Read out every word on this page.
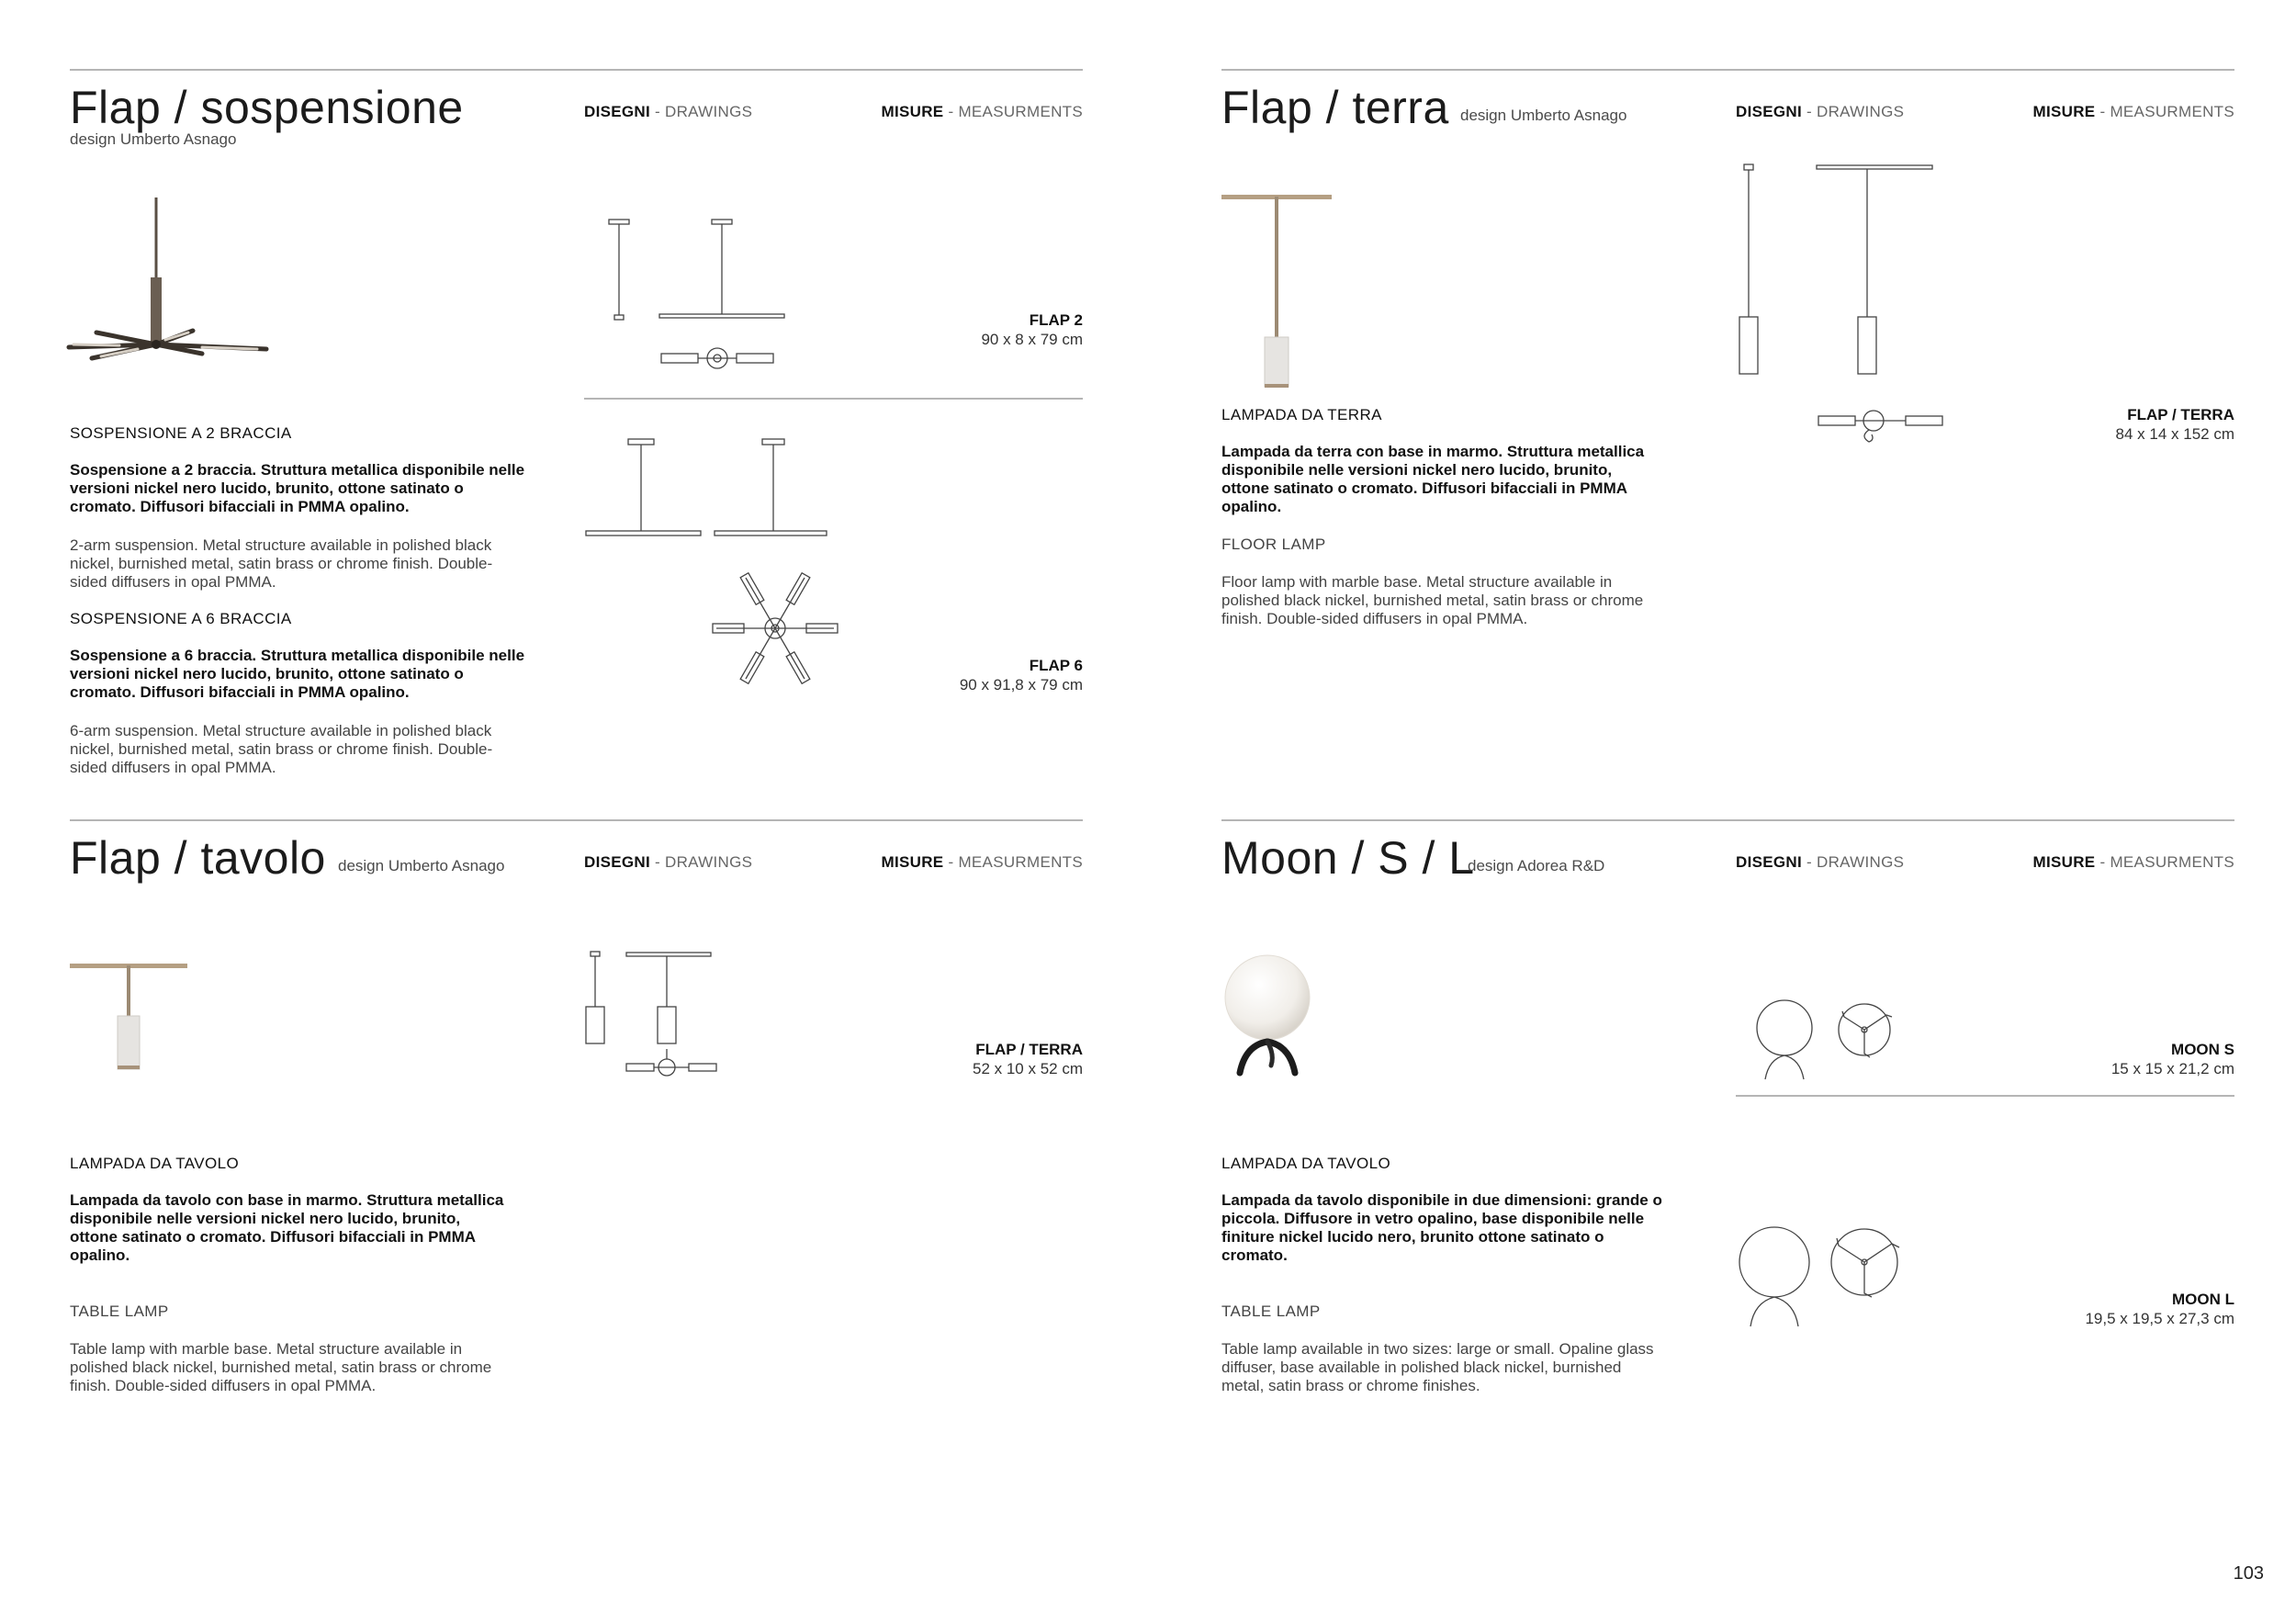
Flap / sospensione
design Umberto Asnago
DISEGNI - DRAWINGS	MISURE - MEASURMENTS
SOSPENSIONE A 2 BRACCIA
Sospensione a 2 braccia. Struttura metallica disponibile nelle versioni nickel nero lucido, brunito, ottone satinato o cromato. Diffusori bifacciali in PMMA opalino.
2-arm suspension. Metal structure available in polished black nickel, burnished metal, satin brass or chrome finish. Double-sided diffusers in opal PMMA.
SOSPENSIONE A 6 BRACCIA
Sospensione a 6 braccia. Struttura metallica disponibile nelle versioni nickel nero lucido, brunito, ottone satinato o cromato. Diffusori bifacciali in PMMA opalino.
6-arm suspension. Metal structure available in polished black nickel, burnished metal, satin brass or chrome finish. Double-sided diffusers in opal PMMA.
FLAP 2
90 x 8 x 79 cm
FLAP 6
90 x 91,8 x 79 cm
Flap / terra design Umberto Asnago	DISEGNI - DRAWINGS	MISURE - MEASURMENTS
LAMPADA DA TERRA
Lampada da terra con base in marmo. Struttura metallica disponibile nelle versioni nickel nero lucido, brunito, ottone satinato o cromato. Diffusori bifacciali in PMMA opalino.
FLOOR LAMP
Floor lamp with marble base. Metal structure available in polished black nickel, burnished metal, satin brass or chrome finish. Double-sided diffusers in opal PMMA.
FLAP / TERRA
84 x 14 x 152 cm
Flap / tavolo design Umberto Asnago	DISEGNI - DRAWINGS	MISURE - MEASURMENTS
LAMPADA DA TAVOLO
Lampada da tavolo con base in marmo. Struttura metallica disponibile nelle versioni nickel nero lucido, brunito, ottone satinato o cromato. Diffusori bifacciali in PMMA opalino.
TABLE LAMP
Table lamp with marble base. Metal structure available in polished black nickel, burnished metal, satin brass or chrome finish. Double-sided diffusers in opal PMMA.
FLAP / TERRA
52 x 10 x 52 cm
Moon / S / L
design Adorea R&D	DISEGNI - DRAWINGS	MISURE - MEASURMENTS
LAMPADA DA TAVOLO
Lampada da tavolo disponibile in due dimensioni: grande o piccola. Diffusore in vetro opalino, base disponibile nelle finiture nickel lucido nero, brunito ottone satinato o cromato.
TABLE LAMP
Table lamp available in two sizes: large or small. Opaline glass diffuser, base available in polished black nickel, burnished metal, satin brass or chrome finishes.
MOON S
15 x 15 x 21,2 cm
MOON L
19,5 x 19,5 x 27,3 cm
103
